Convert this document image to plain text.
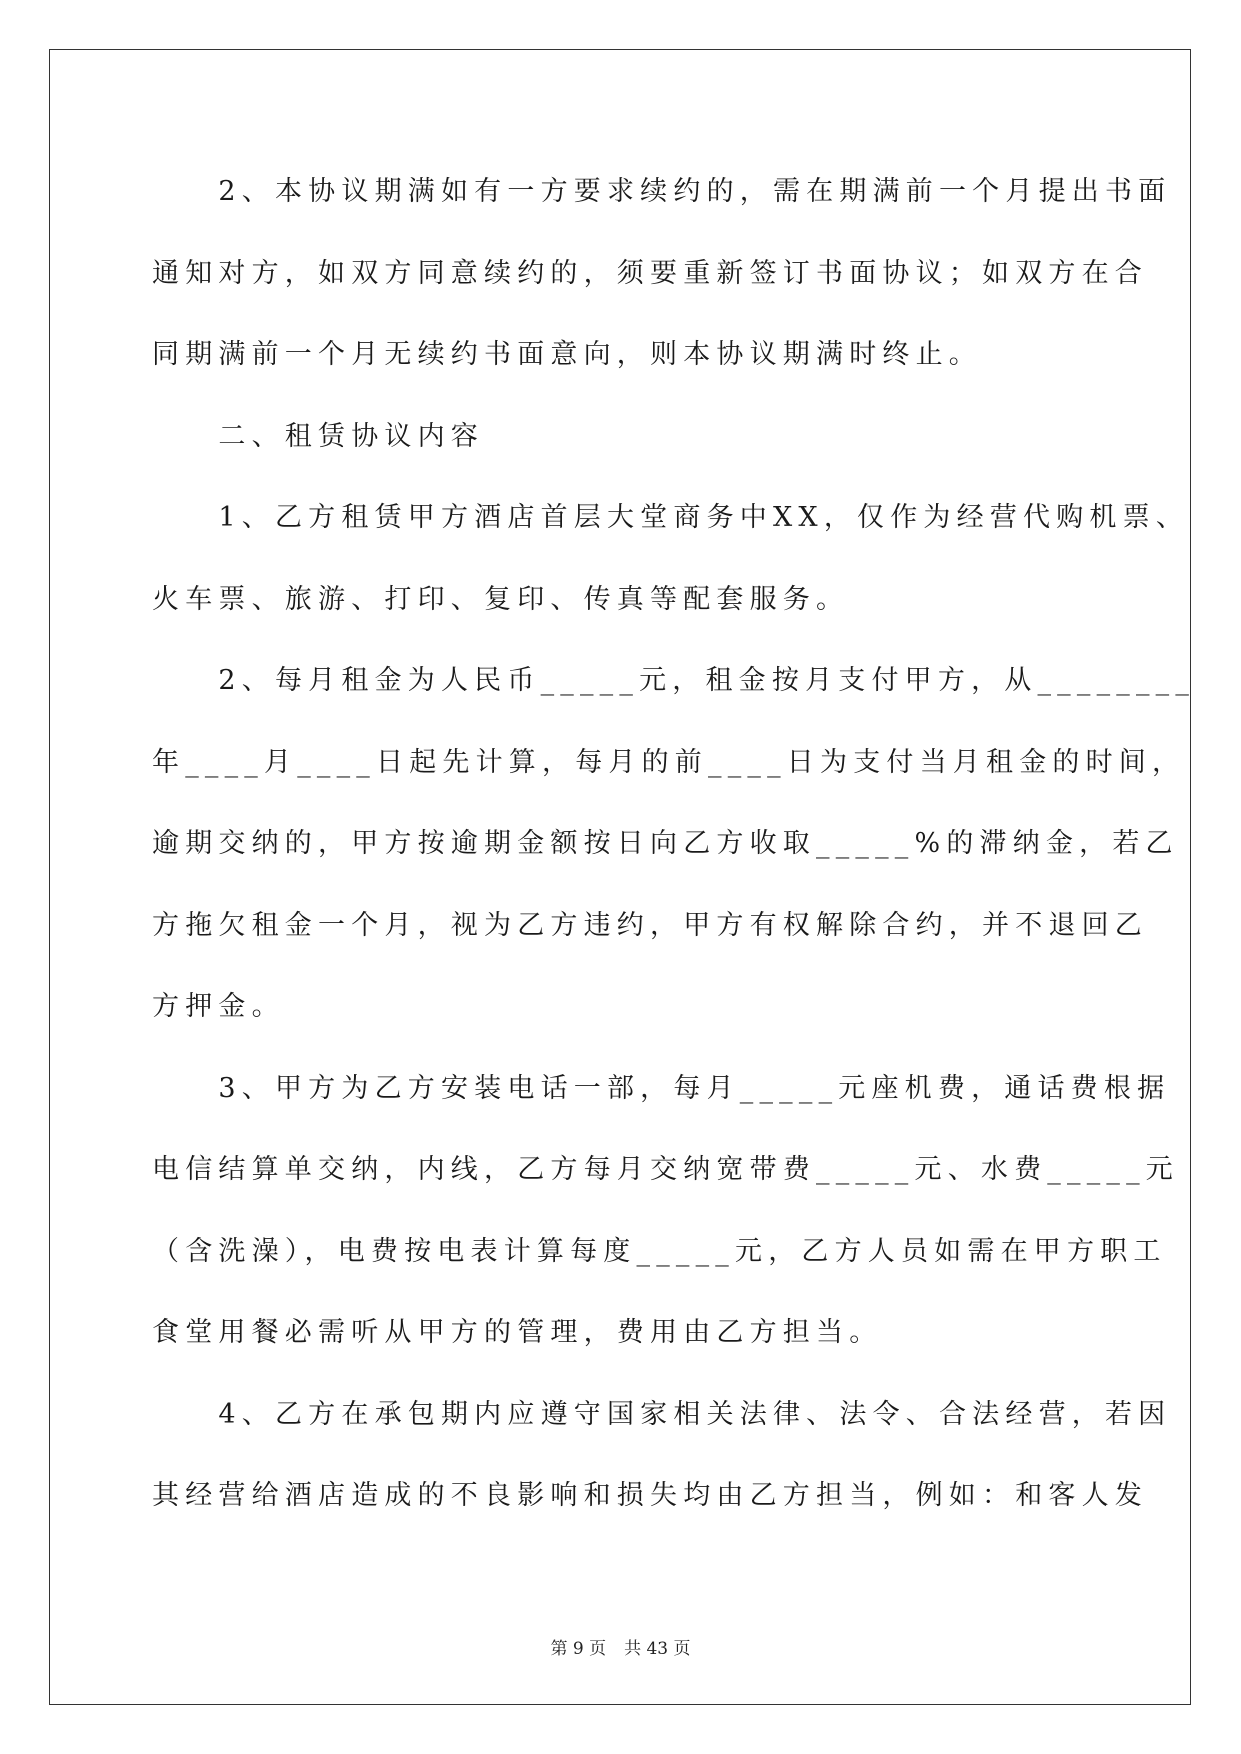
　　2、本协议期满如有一方要求续约的，需在期满前一个月提出书面
通知对方，如双方同意续约的，须要重新签订书面协议；如双方在合
同期满前一个月无续约书面意向，则本协议期满时终止。
　　二、租赁协议内容
　　1、乙方租赁甲方酒店首层大堂商务中XX，仅作为经营代购机票、
火车票、旅游、打印、复印、传真等配套服务。
　　2、每月租金为人民币_____元，租金按月支付甲方，从________
年____月____日起先计算，每月的前____日为支付当月租金的时间，
逾期交纳的，甲方按逾期金额按日向乙方收取_____%的滞纳金，若乙
方拖欠租金一个月，视为乙方违约，甲方有权解除合约，并不退回乙
方押金。
　　3、甲方为乙方安装电话一部，每月_____元座机费，通话费根据
电信结算单交纳，内线，乙方每月交纳宽带费_____元、水费_____元
（含洗澡），电费按电表计算每度_____元，乙方人员如需在甲方职工
食堂用餐必需听从甲方的管理，费用由乙方担当。
　　4、乙方在承包期内应遵守国家相关法律、法令、合法经营，若因
其经营给酒店造成的不良影响和损失均由乙方担当，例如：和客人发
第 9 页 共 43 页
